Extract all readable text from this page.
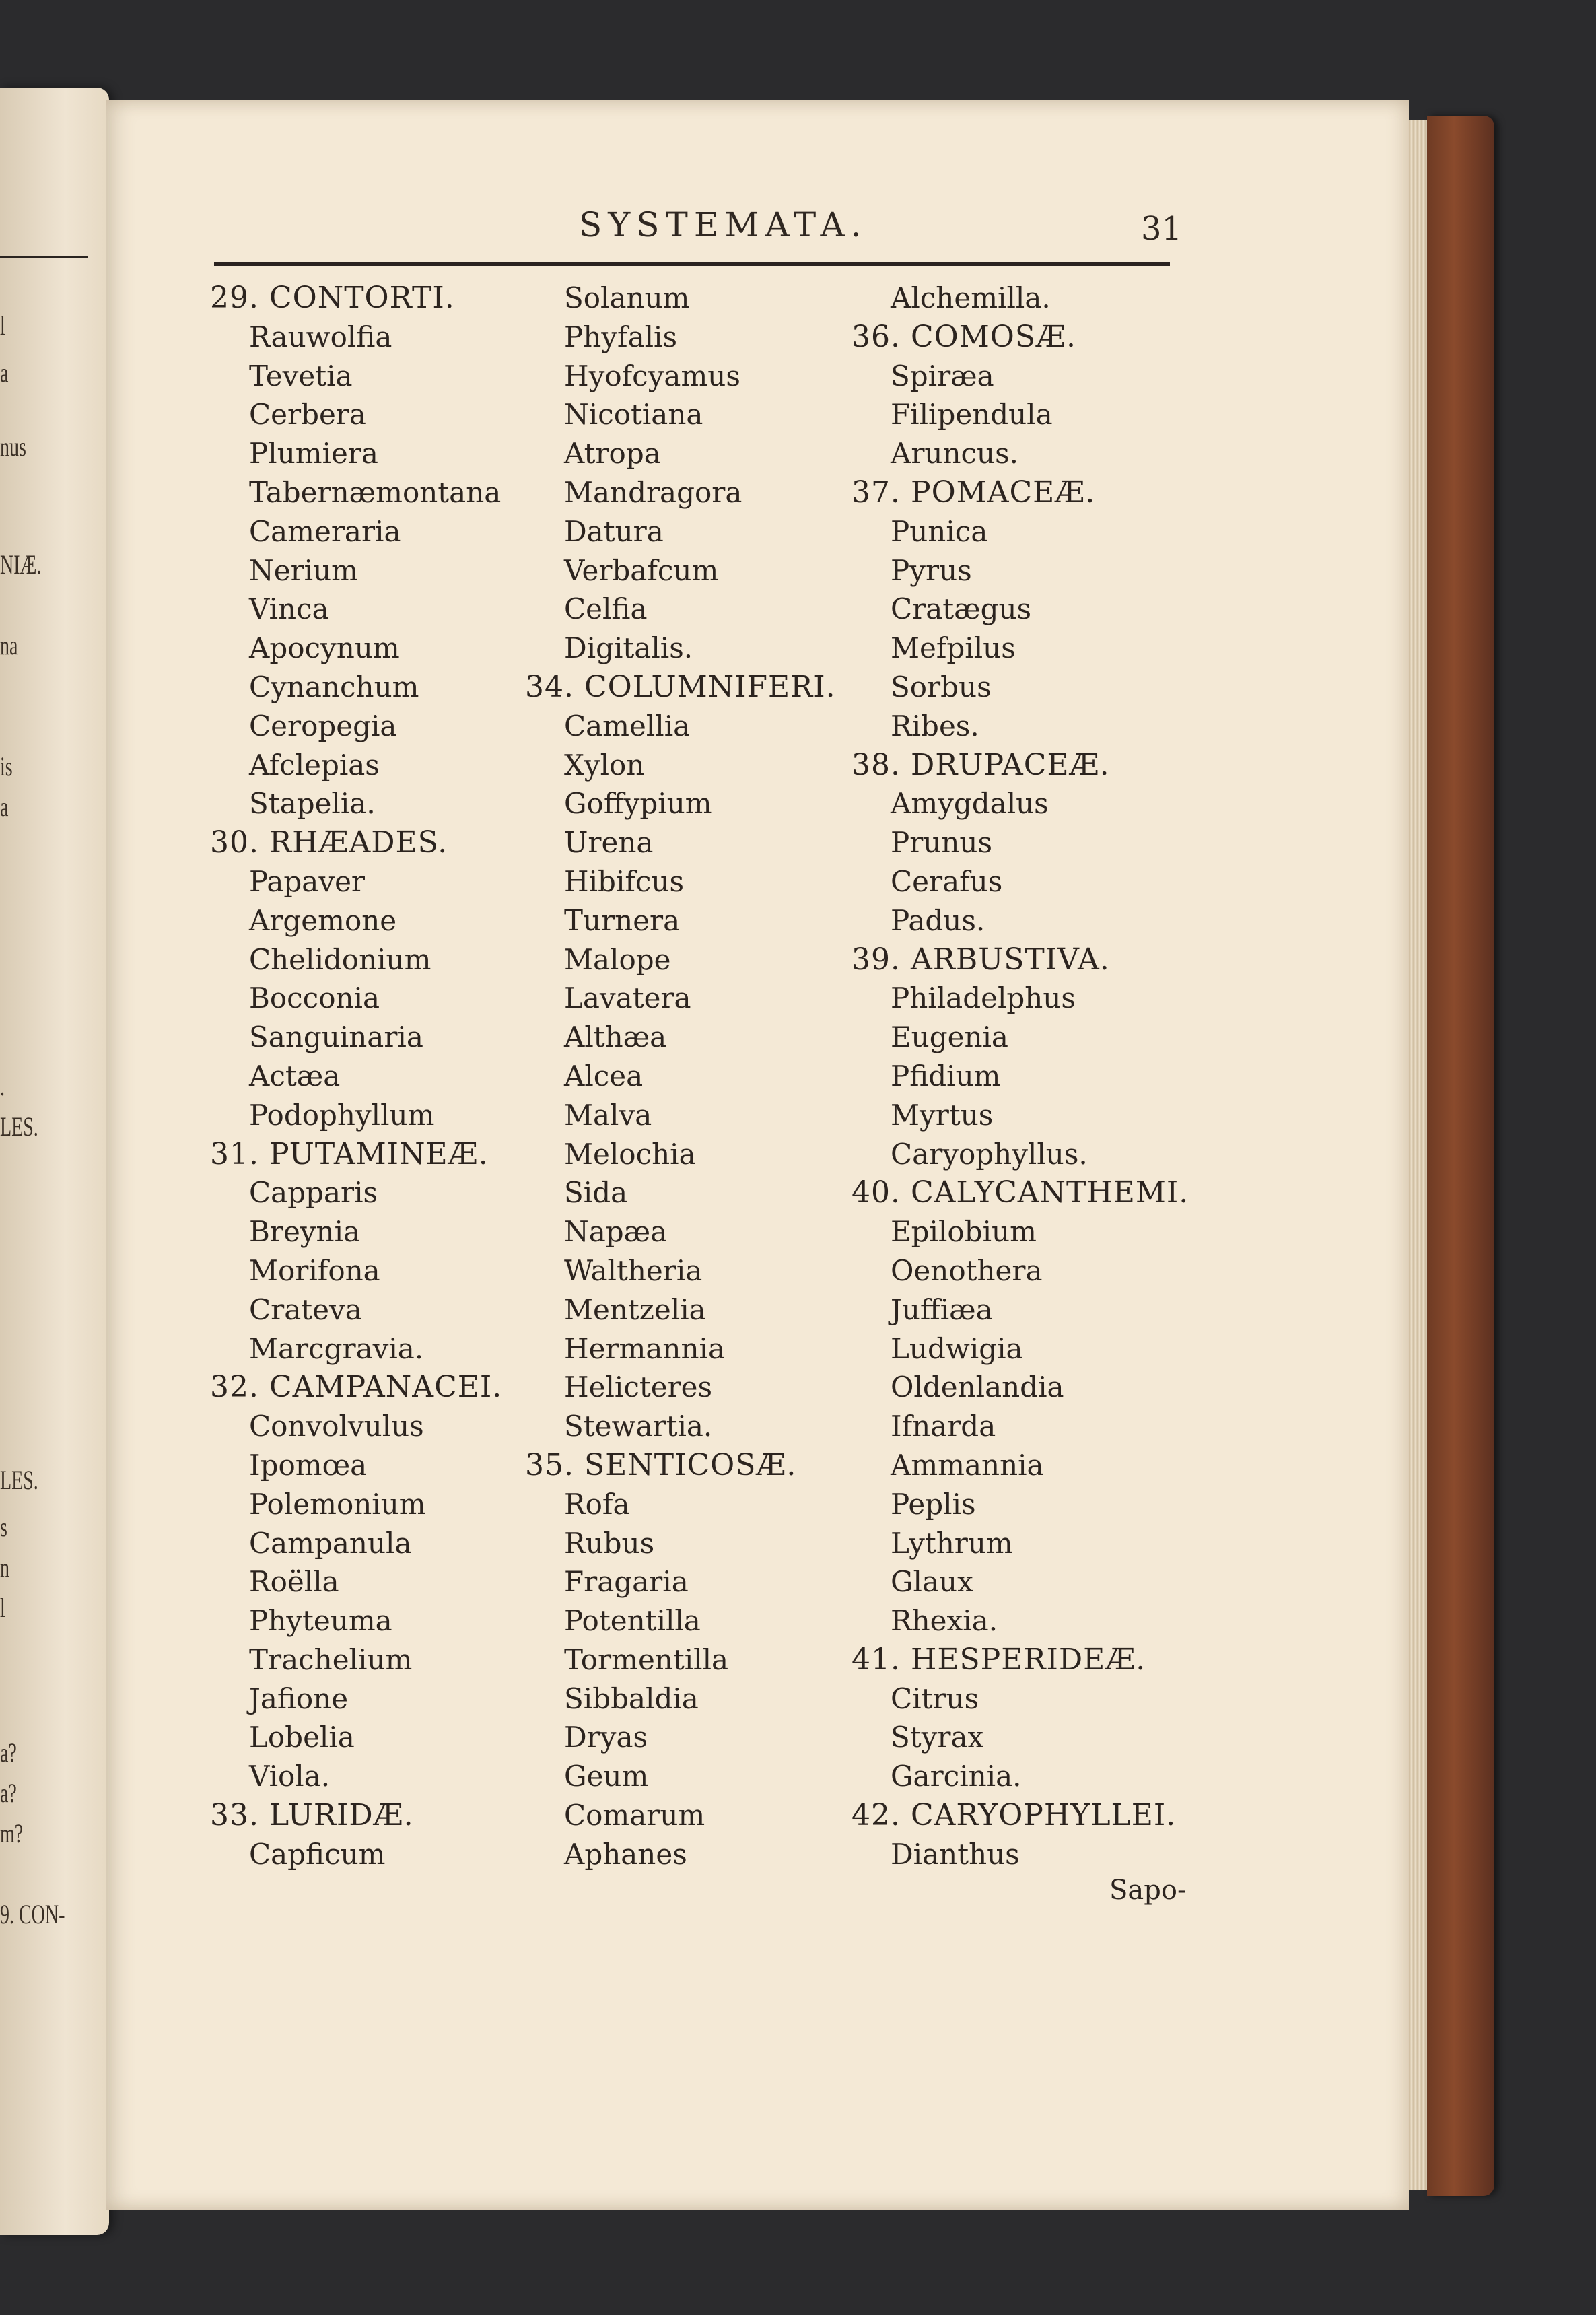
l
a
nus
NIÆ.
na
is
a
.
LES.
LES.
s
n
l
a?
a?
m?
9. CON-
SYSTEMATA.	31
29. CONTORTI.
Rauwolfia
Tevetia
Cerbera
Plumiera
Tabernæmontana
Cameraria
Nerium
Vinca
Apocynum
Cynanchum
Ceropegia
Afclepias
Stapelia.
30. RHÆADES.
Papaver
Argemone
Chelidonium
Bocconia
Sanguinaria
Actæa
Podophyllum
31. PUTAMINEÆ.
Capparis
Breynia
Morifona
Crateva
Marcgravia.
32. CAMPANACEI.
Convolvulus
Ipomœa
Polemonium
Campanula
Roëlla
Phyteuma
Trachelium
Jafione
Lobelia
Viola.
33. LURIDÆ.
Capficum
Solanum
Phyfalis
Hyofcyamus
Nicotiana
Atropa
Mandragora
Datura
Verbafcum
Celfia
Digitalis.
34. COLUMNIFERI.
Camellia
Xylon
Goffypium
Urena
Hibifcus
Turnera
Malope
Lavatera
Althæa
Alcea
Malva
Melochia
Sida
Napæa
Waltheria
Mentzelia
Hermannia
Helicteres
Stewartia.
35. SENTICOSÆ.
Rofa
Rubus
Fragaria
Potentilla
Tormentilla
Sibbaldia
Dryas
Geum
Comarum
Aphanes
Alchemilla.
36. COMOSÆ.
Spiræa
Filipendula
Aruncus.
37. POMACEÆ.
Punica
Pyrus
Cratægus
Mefpilus
Sorbus
Ribes.
38. DRUPACEÆ.
Amygdalus
Prunus
Cerafus
Padus.
39. ARBUSTIVA.
Philadelphus
Eugenia
Pfidium
Myrtus
Caryophyllus.
40. CALYCANTHEMI.
Epilobium
Oenothera
Juffiæa
Ludwigia
Oldenlandia
Ifnarda
Ammannia
Peplis
Lythrum
Glaux
Rhexia.
41. HESPERIDEÆ.
Citrus
Styrax
Garcinia.
42. CARYOPHYLLEI.
Dianthus
Sapo-
